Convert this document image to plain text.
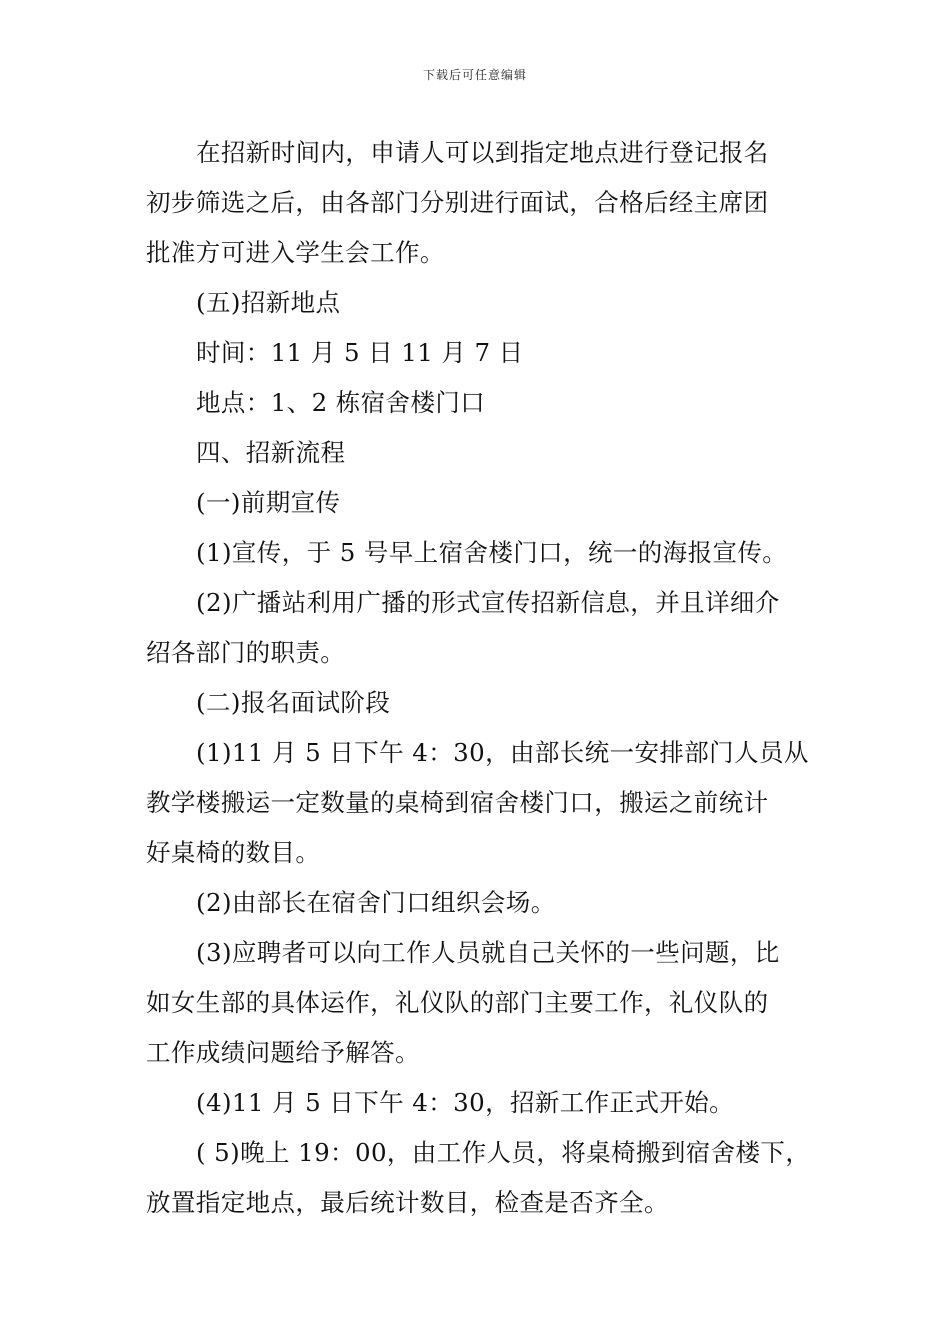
下载后可任意编辑
在招新时间内，申请人可以到指定地点进行登记报名
初步筛选之后，由各部门分别进行面试，合格后经主席团
批准方可进入学生会工作。
(五)招新地点
时间：11 月 5 日 11 月 7 日
地点：1、2 栋宿舍楼门口
四、招新流程
(一)前期宣传
(1)宣传，于 5 号早上宿舍楼门口，统一的海报宣传。
(2)广播站利用广播的形式宣传招新信息，并且详细介
绍各部门的职责。
(二)报名面试阶段
(1)11 月 5 日下午 4：30，由部长统一安排部门人员从
教学楼搬运一定数量的桌椅到宿舍楼门口，搬运之前统计
好桌椅的数目。
(2)由部长在宿舍门口组织会场。
(3)应聘者可以向工作人员就自己关怀的一些问题，比
如女生部的具体运作，礼仪队的部门主要工作，礼仪队的
工作成绩问题给予解答。
(4)11 月 5 日下午 4：30，招新工作正式开始。
( 5)晚上 19：00，由工作人员，将桌椅搬到宿舍楼下，
放置指定地点，最后统计数目，检查是否齐全。
